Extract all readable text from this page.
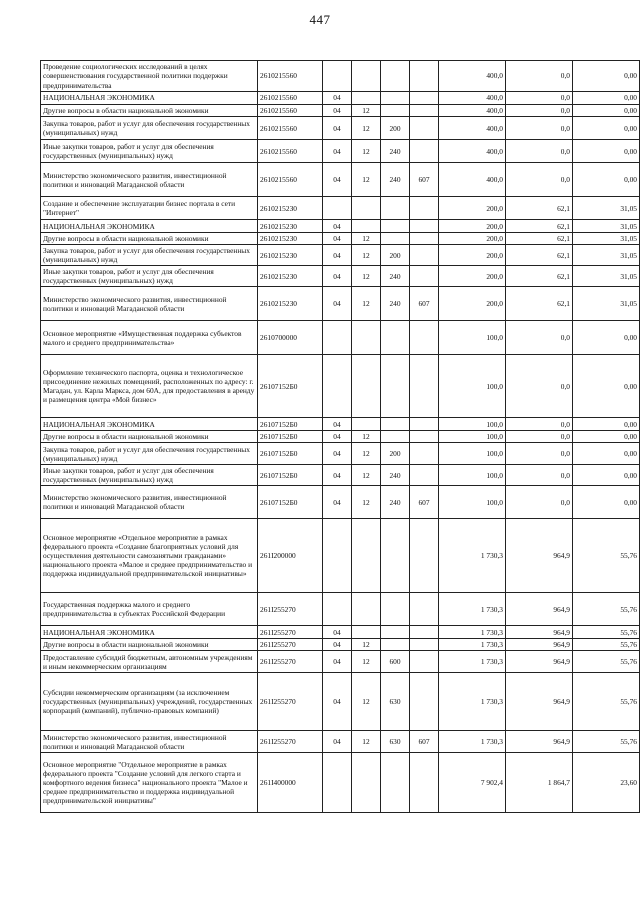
447
Проведение социологических исследований в целях совершенствования государственной политики поддержки предпринимательства	2610215560					400,0	0,0	0,00
НАЦИОНАЛЬНАЯ ЭКОНОМИКА	2610215560	04				400,0	0,0	0,00
Другие вопросы в области национальной экономики	2610215560	04	12			400,0	0,0	0,00
Закупка товаров, работ и услуг для обеспечения государственных (муниципальных) нужд	2610215560	04	12	200		400,0	0,0	0,00
Иные закупки товаров, работ и услуг для обеспечения государственных (муниципальных) нужд	2610215560	04	12	240		400,0	0,0	0,00
Министерство экономического развития, инвестиционной политики и инноваций Магаданской области	2610215560	04	12	240	607	400,0	0,0	0,00
Создание и обеспечение эксплуатации бизнес портала в сети "Интернет"	26102152З0					200,0	62,1	31,05
НАЦИОНАЛЬНАЯ ЭКОНОМИКА	26102152З0	04				200,0	62,1	31,05
Другие вопросы в области национальной экономики	26102152З0	04	12			200,0	62,1	31,05
Закупка товаров, работ и услуг для обеспечения государственных (муниципальных) нужд	26102152З0	04	12	200		200,0	62,1	31,05
Иные закупки товаров, работ и услуг для обеспечения государственных (муниципальных) нужд	26102152З0	04	12	240		200,0	62,1	31,05
Министерство экономического развития, инвестиционной политики и инноваций Магаданской области	26102152З0	04	12	240	607	200,0	62,1	31,05
Основное мероприятие «Имущественная поддержка субъектов малого и среднего предпринимательства»	2610700000					100,0	0,0	0,00
Оформление технического паспорта, оценка и технологическое присоединение нежилых помещений, расположенных по адресу: г. Магадан, ул. Карла Маркса, дом 60А, для предоставления в аренду и размещения центра «Мой бизнес»	26107152Б0					100,0	0,0	0,00
НАЦИОНАЛЬНАЯ ЭКОНОМИКА	26107152Б0	04				100,0	0,0	0,00
Другие вопросы в области национальной экономики	26107152Б0	04	12			100,0	0,0	0,00
Закупка товаров, работ и услуг для обеспечения государственных (муниципальных) нужд	26107152Б0	04	12	200		100,0	0,0	0,00
Иные закупки товаров, работ и услуг для обеспечения государственных (муниципальных) нужд	26107152Б0	04	12	240		100,0	0,0	0,00
Министерство экономического развития, инвестиционной политики и инноваций Магаданской области	26107152Б0	04	12	240	607	100,0	0,0	0,00
Основное мероприятие «Отдельное мероприятие в рамках федерального проекта «Создание благоприятных условий для осуществления деятельности самозанятыми гражданами» национального проекта «Малое и среднее предпринимательство и поддержка индивидуальной предпринимательской инициативы»	261I200000					1 730,3	964,9	55,76
Государственная поддержка малого и среднего предпринимательства в субъектах Российской Федерации	261I255270					1 730,3	964,9	55,76
НАЦИОНАЛЬНАЯ ЭКОНОМИКА	261I255270	04				1 730,3	964,9	55,76
Другие вопросы в области национальной экономики	261I255270	04	12			1 730,3	964,9	55,76
Предоставление субсидий бюджетным, автономным учреждениям и иным некоммерческим организациям	261I255270	04	12	600		1 730,3	964,9	55,76
Субсидии некоммерческим организациям (за исключением государственных (муниципальных) учреждений, государственных корпораций (компаний), публично-правовых компаний)	261I255270	04	12	630		1 730,3	964,9	55,76
Министерство экономического развития, инвестиционной политики и инноваций Магаданской области	261I255270	04	12	630	607	1 730,3	964,9	55,76
Основное мероприятие "Отдельное мероприятие в рамках федерального проекта "Создание условий для легкого старта и комфортного ведения бизнеса" национального проекта "Малое и среднее предпринимательство и поддержка индивидуальной предпринимательской инициативы"	261I400000					7 902,4	1 864,7	23,60
